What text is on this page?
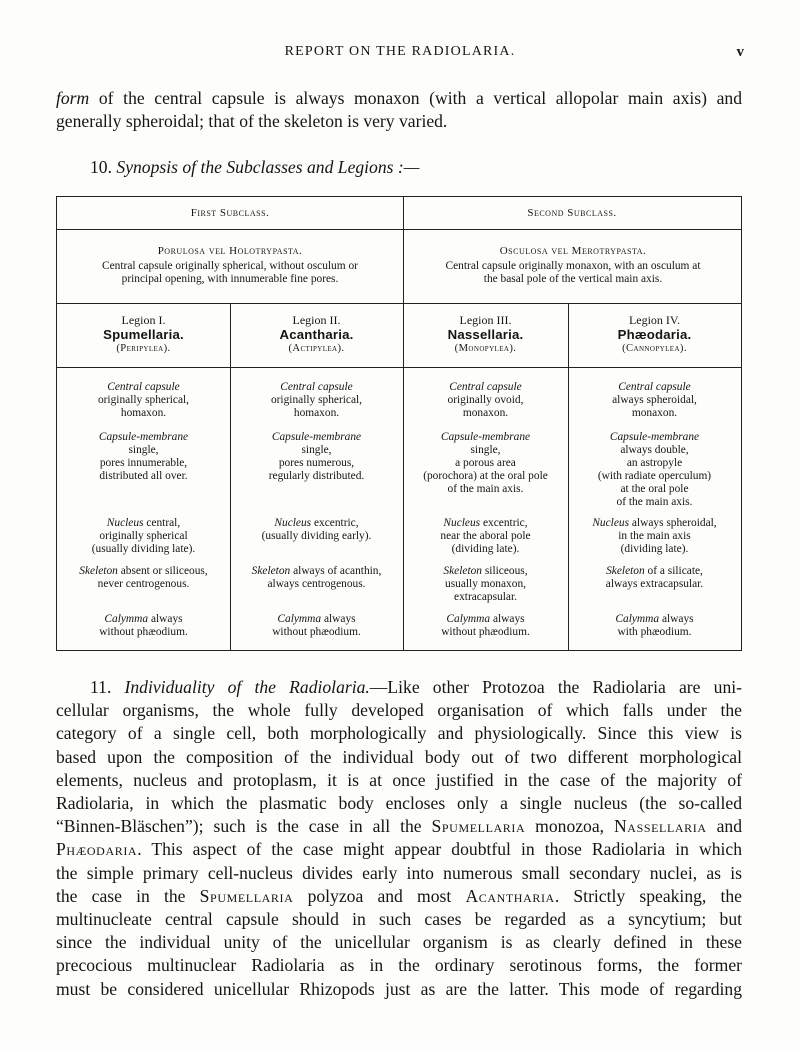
REPORT ON THE RADIOLARIA.	v
form of the central capsule is always monaxon (with a vertical allopolar main axis) and
generally spheroidal; that of the skeleton is very varied.
10. Synopsis of the Subclasses and Legions :—
First Subclass.	Second Subclass.
Porulosa vel Holotrypasta.
Central capsule originally spherical, without osculum or
principal opening, with innumerable fine pores.
Osculosa vel Merotrypasta.
Central capsule originally monaxon, with an osculum at
the basal pole of the vertical main axis.
Legion I.
Spumellaria.
(Peripylea).
Legion II.
Acantharia.
(Actipylea).
Legion III.
Nassellaria.
(Monopylea).
Legion IV.
Phæodaria.
(Cannopylea).
Central capsule
originally spherical,
homaxon.
Capsule-membrane
single,
pores innumerable,
distributed all over.
Nucleus central,
originally spherical
(usually dividing late).
Skeleton absent or siliceous,
never centrogenous.
Calymma always
without phæodium.
Central capsule
originally spherical,
homaxon.
Capsule-membrane
single,
pores numerous,
regularly distributed.
Nucleus excentric,
(usually dividing early).
Skeleton always of acanthin,
always centrogenous.
Calymma always
without phæodium.
Central capsule
originally ovoid,
monaxon.
Capsule-membrane
single,
a porous area
(porochora) at the oral pole
of the main axis.
Nucleus excentric,
near the aboral pole
(dividing late).
Skeleton siliceous,
usually monaxon,
extracapsular.
Calymma always
without phæodium.
Central capsule
always spheroidal,
monaxon.
Capsule-membrane
always double,
an astropyle
(with radiate operculum)
at the oral pole
of the main axis.
Nucleus always spheroidal,
in the main axis
(dividing late).
Skeleton of a silicate,
always extracapsular.
Calymma always
with phæodium.
11. Individuality of the Radiolaria.—Like other Protozoa the Radiolaria are uni-
cellular organisms, the whole fully developed organisation of which falls under the
category of a single cell, both morphologically and physiologically. Since this view is
based upon the composition of the individual body out of two different morphological
elements, nucleus and protoplasm, it is at once justified in the case of the majority of
Radiolaria, in which the plasmatic body encloses only a single nucleus (the so-called
“Binnen-Bläschen”); such is the case in all the Spumellaria monozoa, Nassellaria and
Phæodaria. This aspect of the case might appear doubtful in those Radiolaria in which
the simple primary cell-nucleus divides early into numerous small secondary nuclei, as is
the case in the Spumellaria polyzoa and most Acantharia. Strictly speaking, the
multinucleate central capsule should in such cases be regarded as a syncytium; but
since the individual unity of the unicellular organism is as clearly defined in these
precocious multinuclear Radiolaria as in the ordinary serotinous forms, the former
must be considered unicellular Rhizopods just as are the latter. This mode of regarding
